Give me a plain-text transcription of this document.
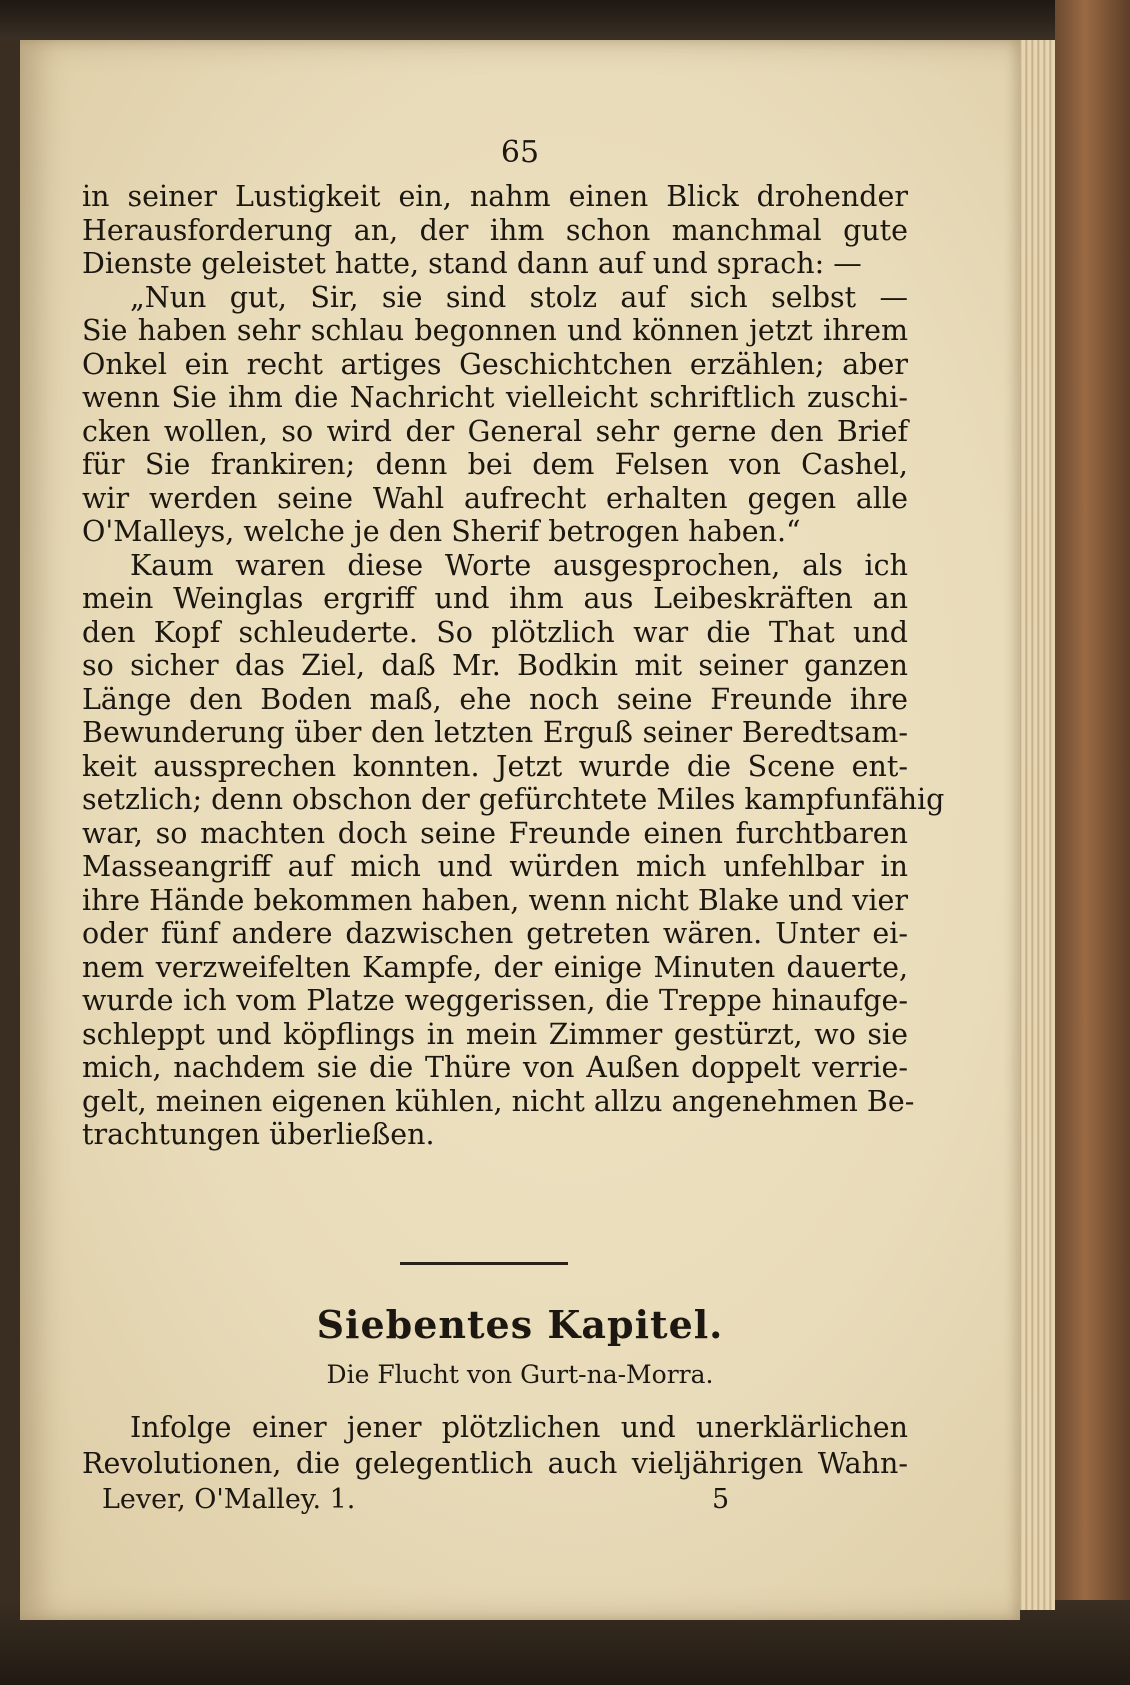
65
in seiner Lustigkeit ein, nahm einen Blick drohender
Herausforderung an, der ihm schon manchmal gute
Dienste geleistet hatte, stand dann auf und sprach: —
„Nun gut, Sir, sie sind stolz auf sich selbst —
Sie haben sehr schlau begonnen und können jetzt ihrem
Onkel ein recht artiges Geschichtchen erzählen; aber
wenn Sie ihm die Nachricht vielleicht schriftlich zuschi-
cken wollen, so wird der General sehr gerne den Brief
für Sie frankiren; denn bei dem Felsen von Cashel,
wir werden seine Wahl aufrecht erhalten gegen alle
O'Malleys, welche je den Sherif betrogen haben.“
Kaum waren diese Worte ausgesprochen, als ich
mein Weinglas ergriff und ihm aus Leibeskräften an
den Kopf schleuderte. So plötzlich war die That und
so sicher das Ziel, daß Mr. Bodkin mit seiner ganzen
Länge den Boden maß, ehe noch seine Freunde ihre
Bewunderung über den letzten Erguß seiner Beredtsam-
keit aussprechen konnten. Jetzt wurde die Scene ent-
setzlich; denn obschon der gefürchtete Miles kampfunfähig
war, so machten doch seine Freunde einen furchtbaren
Masseangriff auf mich und würden mich unfehlbar in
ihre Hände bekommen haben, wenn nicht Blake und vier
oder fünf andere dazwischen getreten wären. Unter ei-
nem verzweifelten Kampfe, der einige Minuten dauerte,
wurde ich vom Platze weggerissen, die Treppe hinaufge-
schleppt und köpflings in mein Zimmer gestürzt, wo sie
mich, nachdem sie die Thüre von Außen doppelt verrie-
gelt, meinen eigenen kühlen, nicht allzu angenehmen Be-
trachtungen überließen.
Siebentes Kapitel.
Die Flucht von Gurt-na-Morra.
Infolge einer jener plötzlichen und unerklärlichen
Revolutionen, die gelegentlich auch vieljährigen Wahn-
Lever, O'Malley. 1.	5
